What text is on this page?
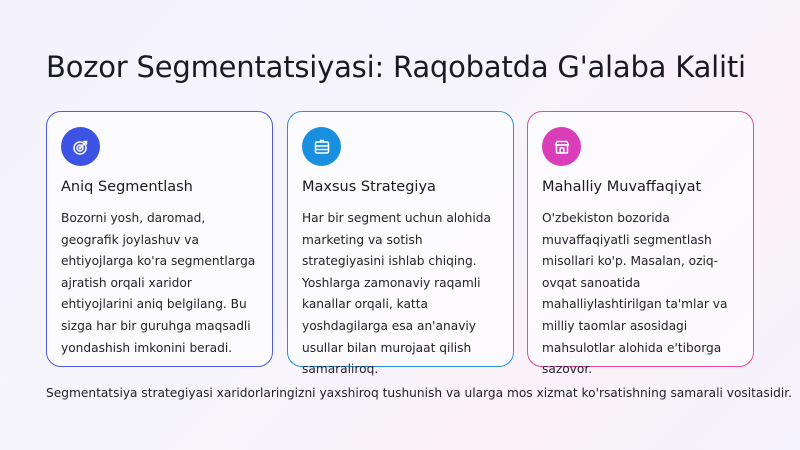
Bozor Segmentatsiyasi: Raqobatda G'alaba Kaliti
Aniq Segmentlash
Bozorni yosh, daromad, geografik joylashuv va ehtiyojlarga ko'ra segmentlarga ajratish orqali xaridor ehtiyojlarini aniq belgilang. Bu sizga har bir guruhga maqsadli yondashish imkonini beradi.
Maxsus Strategiya
Har bir segment uchun alohida marketing va sotish strategiyasini ishlab chiqing. Yoshlarga zamonaviy raqamli kanallar orqali, katta yoshdagilarga esa an'anaviy usullar bilan murojaat qilish samaraliroq.
Mahalliy Muvaffaqiyat
O'zbekiston bozorida muvaffaqiyatli segmentlash misollari ko'p. Masalan, oziq-ovqat sanoatida mahalliylashtirilgan ta'mlar va milliy taomlar asosidagi mahsulotlar alohida e'tiborga sazovor.

Segmentatsiya strategiyasi xaridorlaringizni yaxshiroq tushunish va ularga mos xizmat ko'rsatishning samarali vositasidir.
